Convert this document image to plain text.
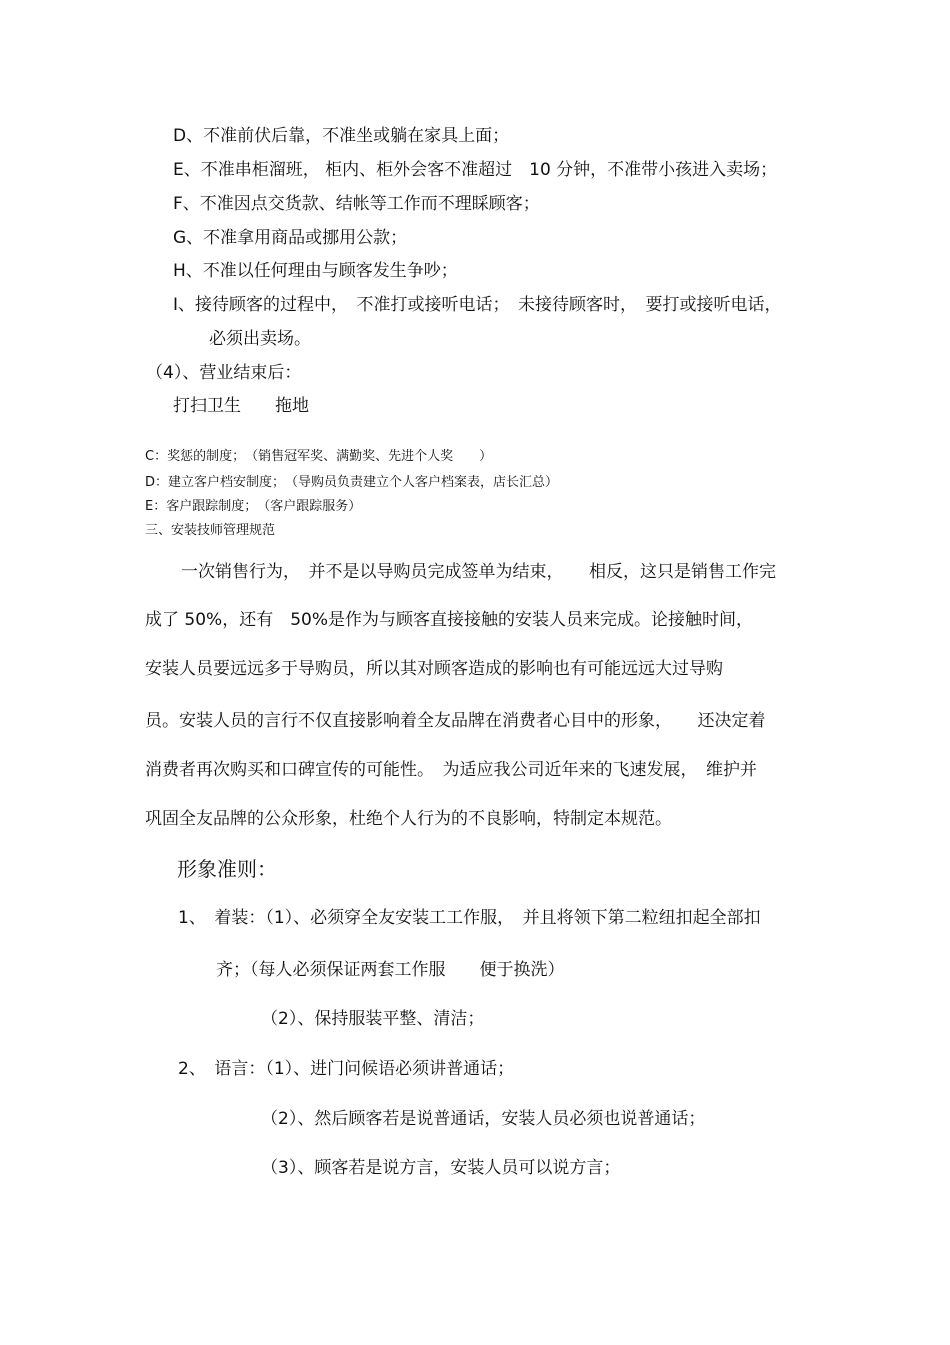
D、不准前伏后靠，不准坐或躺在家具上面；
E、不准串柜溜班， 柜内、柜外会客不准超过　10 分钟，不准带小孩进入卖场；
F、不准因点交货款、结帐等工作而不理睬顾客；
G、不准拿用商品或挪用公款；
H、不准以任何理由与顾客发生争吵；
I、接待顾客的过程中，　不准打或接听电话；　未接待顾客时，　要打或接听电话，
必须出卖场。
（4）、营业结束后：
打扫卫生　　拖地
C：奖惩的制度；　（销售冠军奖、满勤奖、先进个人奖　　）
D：建立客户档安制度；　（导购员负责建立个人客户档案表，店长汇总）
E：客户跟踪制度；　（客户跟踪服务）
三、安装技师管理规范
一次销售行为，　并不是以导购员完成签单为结束，　　相反，这只是销售工作完
成了 50%，还有　50%是作为与顾客直接接触的安装人员来完成。论接触时间，
安装人员要远远多于导购员，所以其对顾客造成的影响也有可能远远大过导购
员。安装人员的言行不仅直接影响着全友品牌在消费者心目中的形象，　　还决定着
消费者再次购买和口碑宣传的可能性。　为适应我公司近年来的飞速发展，　维护并
巩固全友品牌的公众形象，杜绝个人行为的不良影响，特制定本规范。
形象准则：
1、　着装：（1）、必须穿全友安装工工作服，　并且将领下第二粒纽扣起全部扣
齐；（每人必须保证两套工作服　　便于换洗）
（2）、保持服装平整、清洁；
2、　语言：（1）、进门问候语必须讲普通话；
（2）、然后顾客若是说普通话，安装人员必须也说普通话；
（3）、顾客若是说方言，安装人员可以说方言；
